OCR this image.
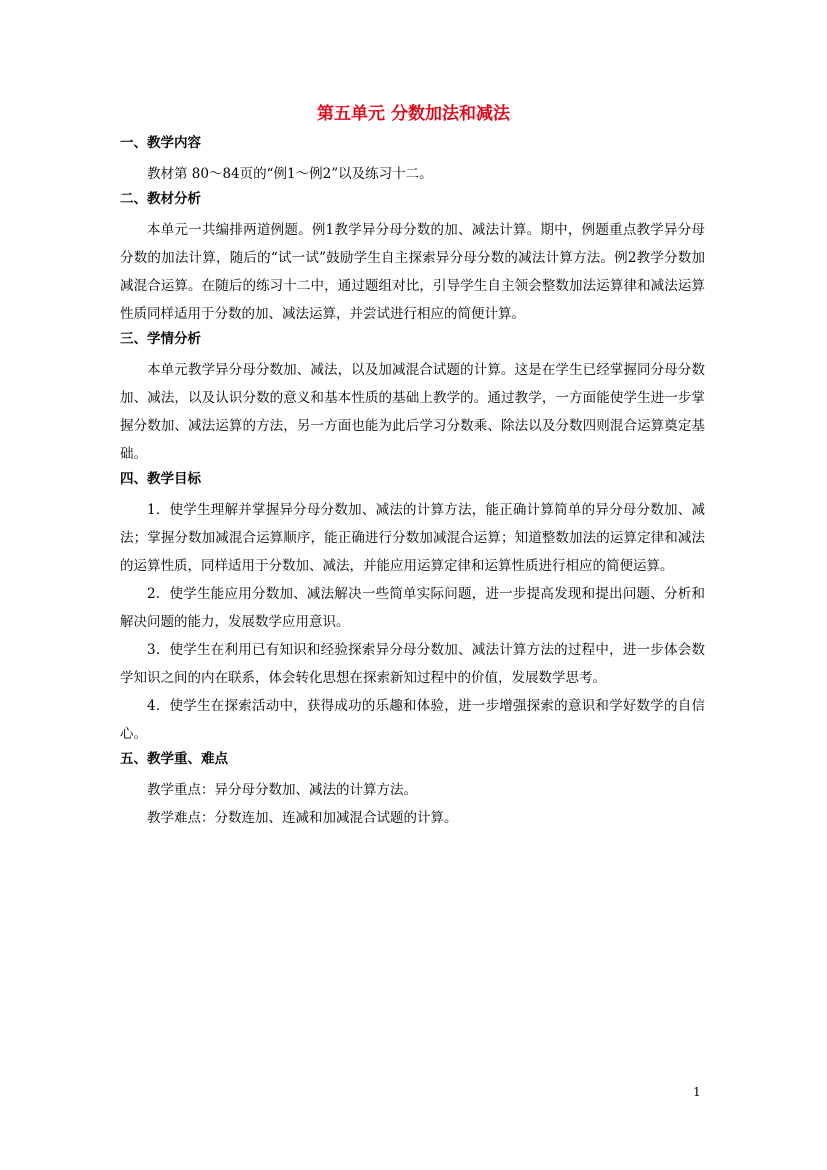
第五单元 分数加法和减法
一、教学内容

教材第 80～84页的“例1～例2”以及练习十二。

二、教材分析

本单元一共编排两道例题。例1教学异分母分数的加、减法计算。期中，例题重点教学异分母分数的加法计算，随后的“试一试”鼓励学生自主探索异分母分数的减法计算方法。例2教学分数加减混合运算。在随后的练习十二中，通过题组对比，引导学生自主领会整数加法运算律和减法运算性质同样适用于分数的加、减法运算，并尝试进行相应的简便计算。

三、学情分析

本单元教学异分母分数加、减法，以及加减混合试题的计算。这是在学生已经掌握同分母分数加、减法，以及认识分数的意义和基本性质的基础上教学的。通过教学，一方面能使学生进一步掌握分数加、减法运算的方法，另一方面也能为此后学习分数乘、除法以及分数四则混合运算奠定基础。

四、教学目标

1．使学生理解并掌握异分母分数加、减法的计算方法，能正确计算简单的异分母分数加、减法；掌握分数加减混合运算顺序，能正确进行分数加减混合运算；知道整数加法的运算定律和减法的运算性质，同样适用于分数加、减法，并能应用运算定律和运算性质进行相应的简便运算。

2．使学生能应用分数加、减法解决一些简单实际问题，进一步提高发现和提出问题、分析和解决问题的能力，发展数学应用意识。

3．使学生在利用已有知识和经验探索异分母分数加、减法计算方法的过程中，进一步体会数学知识之间的内在联系，体会转化思想在探索新知过程中的价值，发展数学思考。

4．使学生在探索活动中，获得成功的乐趣和体验，进一步增强探索的意识和学好数学的自信心。

五、教学重、难点

教学重点：异分母分数加、减法的计算方法。

教学难点：分数连加、连减和加减混合试题的计算。

1
